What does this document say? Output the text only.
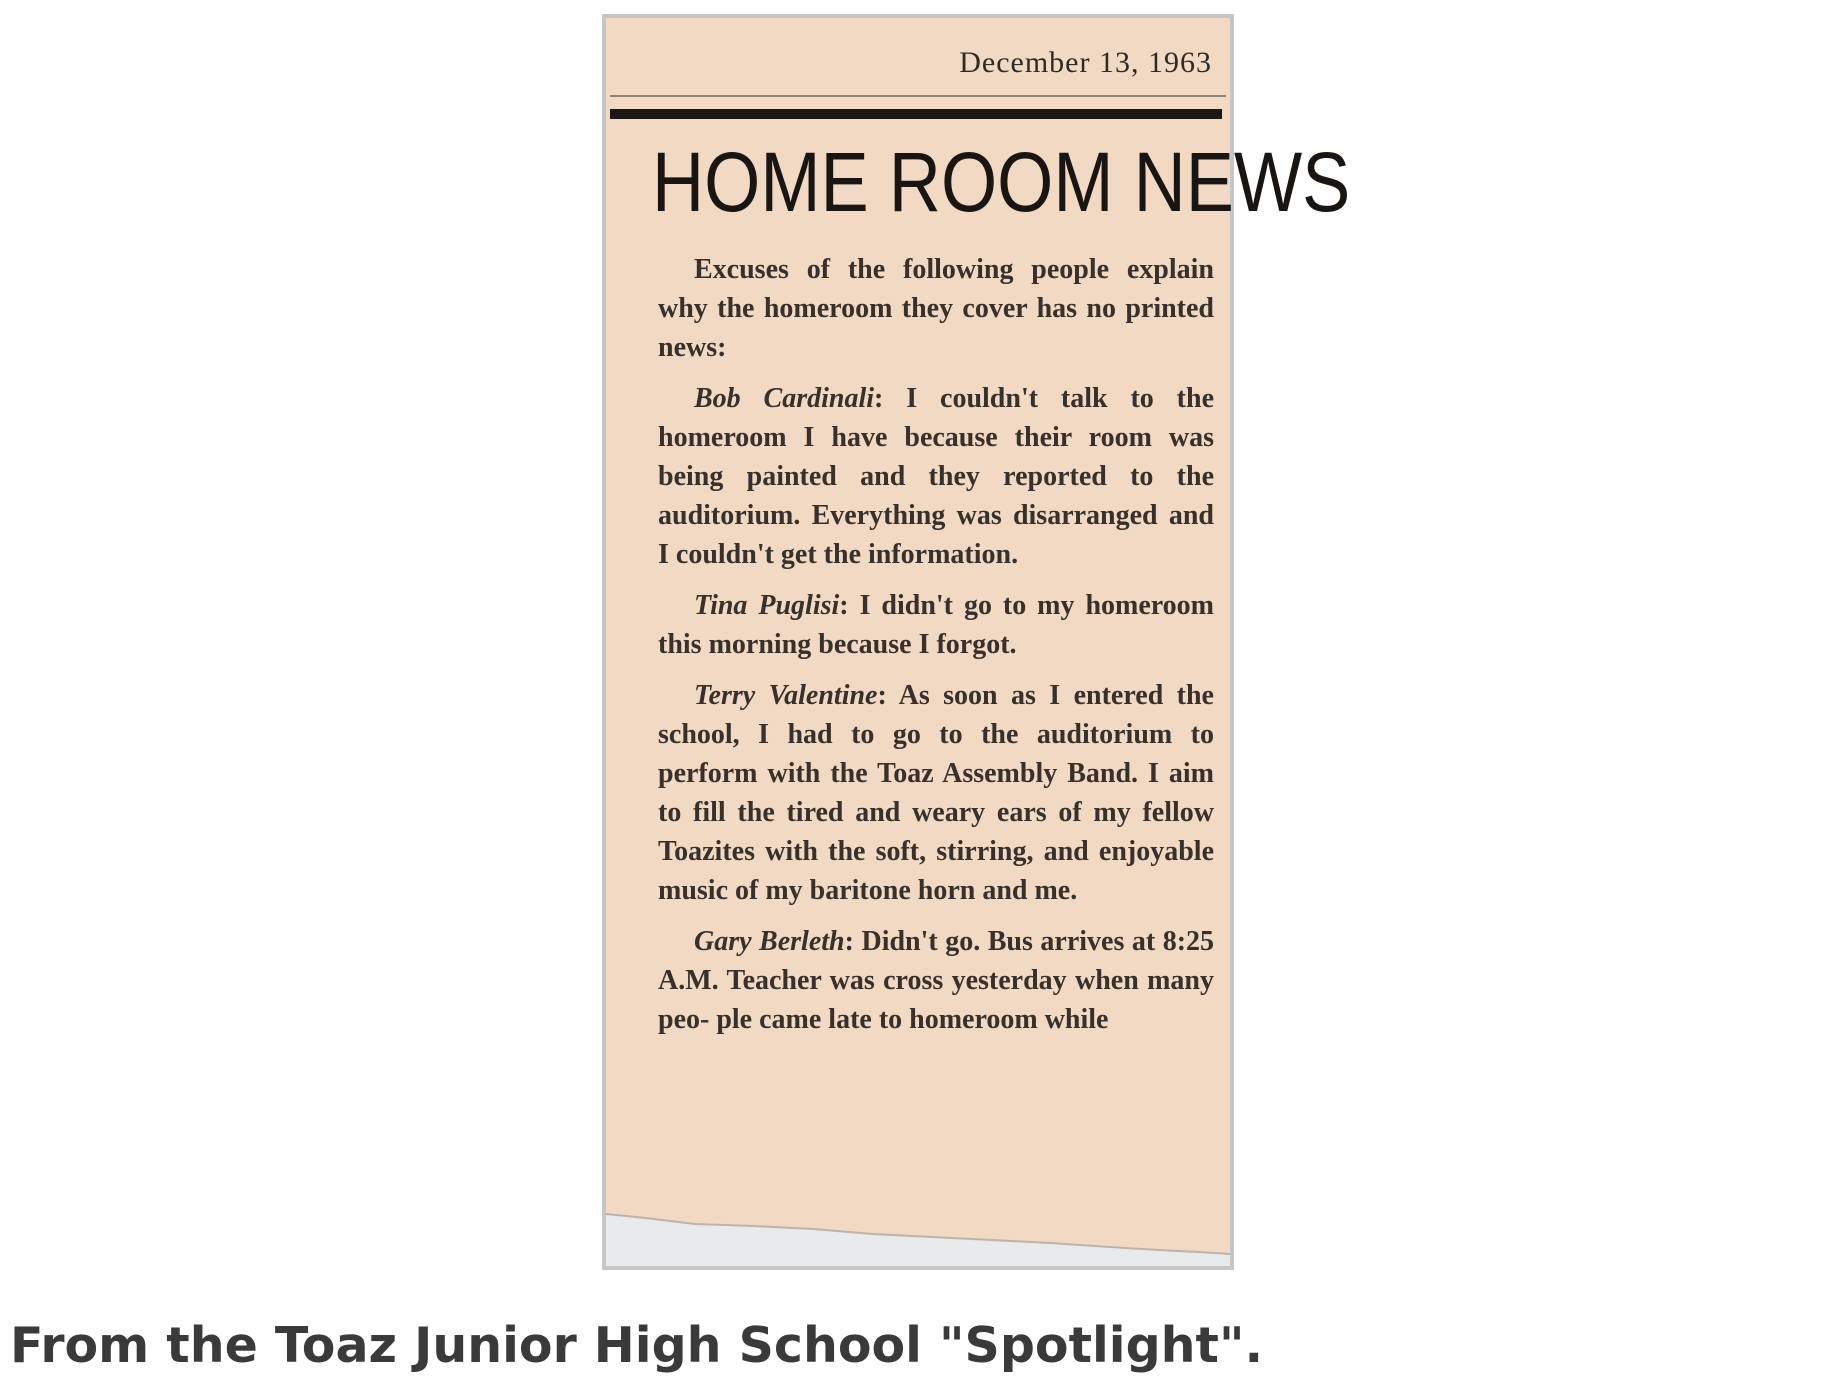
December 13, 1963
HOME ROOM NEWS

Excuses of the following people explain why the homeroom they cover has no printed news:

Bob Cardinali: I couldn't talk to the homeroom I have because their room was being painted and they reported to the auditorium. Everything was disarranged and I couldn't get the information.

Tina Puglisi: I didn't go to my homeroom this morning because I forgot.

Terry Valentine: As soon as I entered the school, I had to go to the auditorium to perform with the Toaz Assembly Band. I aim to fill the tired and weary ears of my fellow Toazites with the soft, stirring, and enjoyable music of my baritone horn and me.

Gary Berleth: Didn't go. Bus arrives at 8:25 A.M. Teacher was cross yesterday when many peo- ple came late to homeroom while

From the Toaz Junior High School "Spotlight".
